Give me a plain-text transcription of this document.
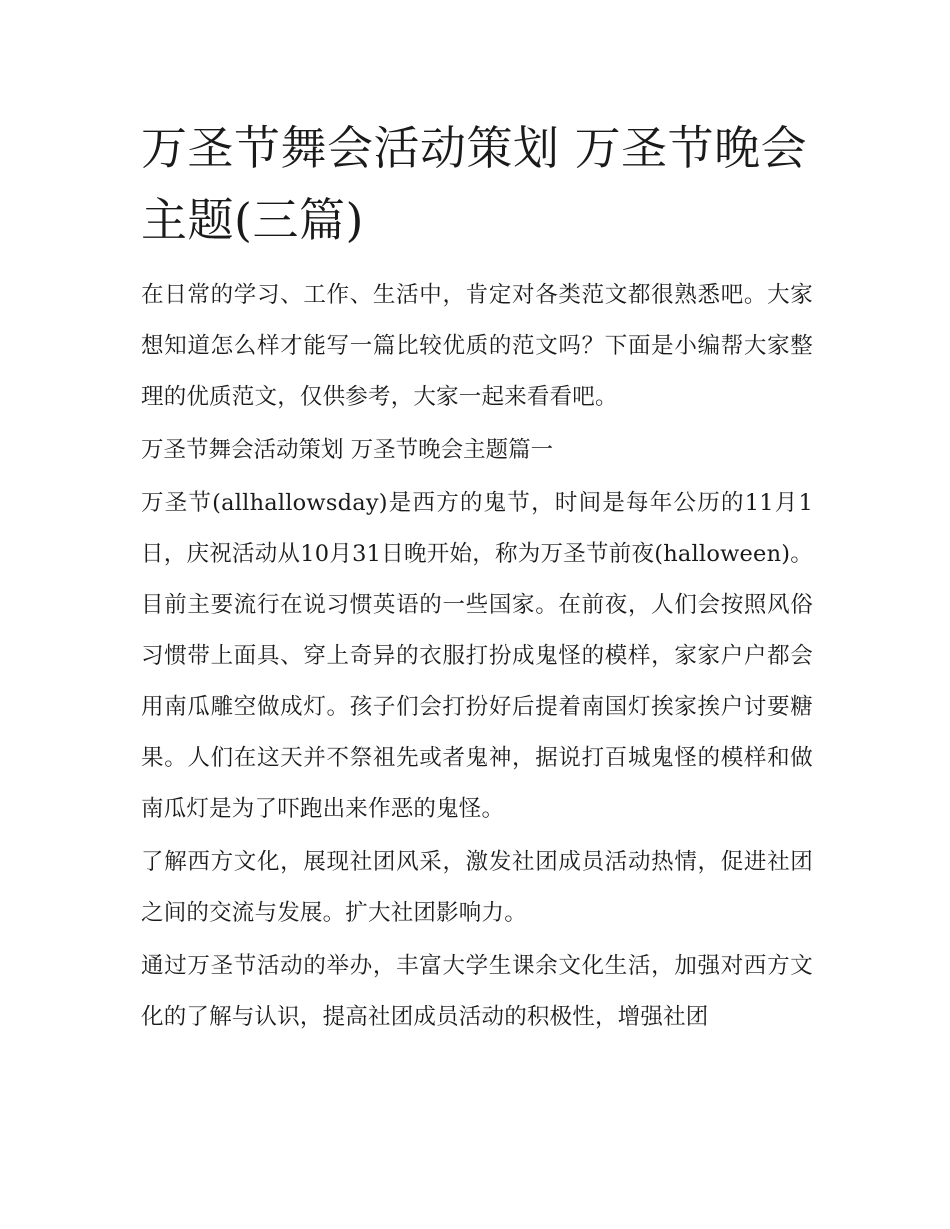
万圣节舞会活动策划 万圣节晚会主题(三篇)

在日常的学习、工作、生活中，肯定对各类范文都很熟悉吧。大家想知道怎么样才能写一篇比较优质的范文吗？下面是小编帮大家整理的优质范文，仅供参考，大家一起来看看吧。

万圣节舞会活动策划 万圣节晚会主题篇一

万圣节(allhallowsday)是西方的鬼节，时间是每年公历的11月1日，庆祝活动从10月31日晚开始，称为万圣节前夜(halloween)。目前主要流行在说习惯英语的一些国家。在前夜，人们会按照风俗习惯带上面具、穿上奇异的衣服打扮成鬼怪的模样，家家户户都会用南瓜雕空做成灯。孩子们会打扮好后提着南国灯挨家挨户讨要糖果。人们在这天并不祭祖先或者鬼神，据说打百城鬼怪的模样和做南瓜灯是为了吓跑出来作恶的鬼怪。

了解西方文化，展现社团风采，激发社团成员活动热情，促进社团之间的交流与发展。扩大社团影响力。

通过万圣节活动的举办，丰富大学生课余文化生活，加强对西方文化的了解与认识，提高社团成员活动的积极性，增强社团
